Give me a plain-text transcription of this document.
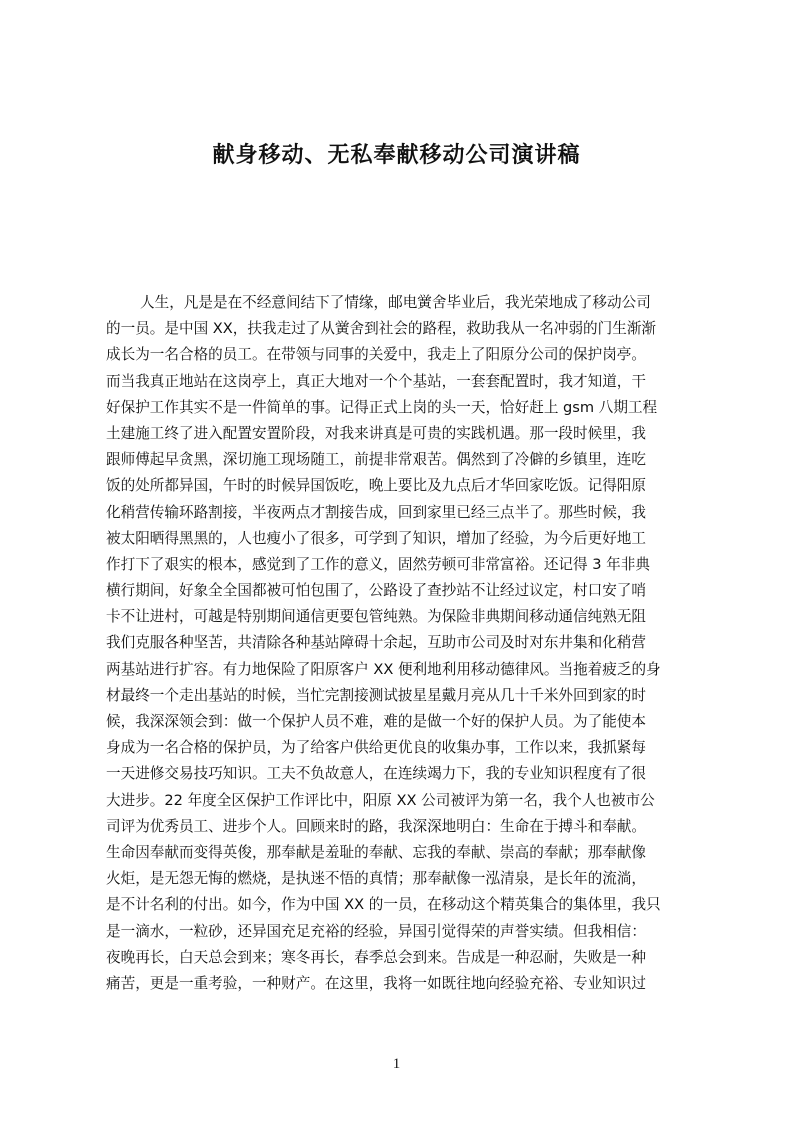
献身移动、无私奉献移动公司演讲稿
人生，凡是是在不经意间结下了情缘，邮电黉舍毕业后，我光荣地成了移动公司
的一员。是中国 XX，扶我走过了从黉舍到社会的路程，救助我从一名冲弱的门生渐渐
成长为一名合格的员工。在带领与同事的关爱中，我走上了阳原分公司的保护岗亭。
而当我真正地站在这岗亭上，真正大地对一个个基站，一套套配置时，我才知道，干
好保护工作其实不是一件简单的事。记得正式上岗的头一天，恰好赶上 gsm 八期工程
土建施工终了进入配置安置阶段，对我来讲真是可贵的实践机遇。那一段时候里，我
跟师傅起早贪黑，深切施工现场随工，前提非常艰苦。偶然到了冷僻的乡镇里，连吃
饭的处所都异国，午时的时候异国饭吃，晚上要比及九点后才华回家吃饭。记得阳原
化稍营传输环路割接，半夜两点才割接告成，回到家里已经三点半了。那些时候，我
被太阳晒得黑黑的，人也瘦小了很多，可学到了知识，增加了经验，为今后更好地工
作打下了艰实的根本，感觉到了工作的意义，固然劳顿可非常富裕。还记得 3 年非典
横行期间，好象全全国都被可怕包围了，公路设了查抄站不让经过议定，村口安了哨
卡不让进村，可越是特别期间通信更要包管纯熟。为保险非典期间移动通信纯熟无阻
我们克服各种坚苦，共清除各种基站障碍十余起，互助市公司及时对东井集和化稍营
两基站进行扩容。有力地保险了阳原客户 XX 便利地利用移动德律风。当拖着疲乏的身
材最终一个走出基站的时候，当忙完割接测试披星星戴月亮从几十千米外回到家的时
候，我深深领会到：做一个保护人员不难，难的是做一个好的保护人员。为了能使本
身成为一名合格的保护员，为了给客户供给更优良的收集办事，工作以来，我抓紧每
一天进修交易技巧知识。工夫不负故意人，在连续竭力下，我的专业知识程度有了很
大进步。22 年度全区保护工作评比中，阳原 XX 公司被评为第一名，我个人也被市公
司评为优秀员工、进步个人。回顾来时的路，我深深地明白：生命在于搏斗和奉献。
生命因奉献而变得英俊，那奉献是羞耻的奉献、忘我的奉献、崇高的奉献；那奉献像
火炬，是无怨无悔的燃烧，是执迷不悟的真情；那奉献像一泓清泉，是长年的流淌，
是不计名利的付出。如今，作为中国 XX 的一员，在移动这个精英集合的集体里，我只
是一滴水，一粒砂，还异国充足充裕的经验，异国引觉得荣的声誉实绩。但我相信：
夜晚再长，白天总会到来；寒冬再长，春季总会到来。告成是一种忍耐，失败是一种
痛苦，更是一重考验，一种财产。在这里，我将一如既往地向经验充裕、专业知识过
1
